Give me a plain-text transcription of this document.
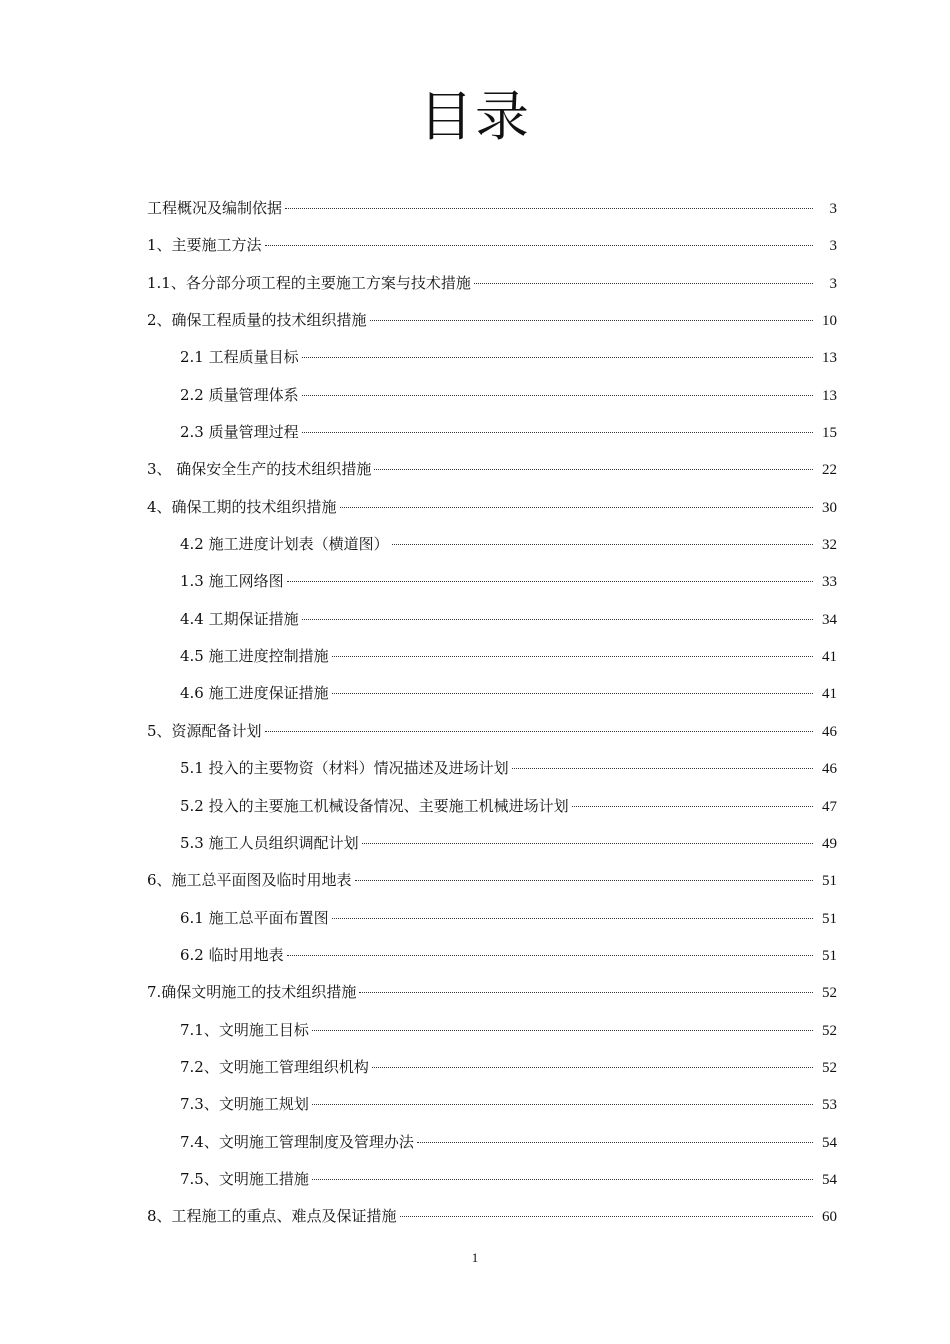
目录
工程概况及编制依据	3
1、主要施工方法	3
1.1、各分部分项工程的主要施工方案与技术措施	3
2、确保工程质量的技术组织措施	10
2.1 工程质量目标	13
2.2 质量管理体系	13
2.3 质量管理过程	15
3、 确保安全生产的技术组织措施	22
4、确保工期的技术组织措施	30
4.2 施工进度计划表（横道图）	32
1.3 施工网络图	33
4.4 工期保证措施	34
4.5 施工进度控制措施	41
4.6 施工进度保证措施	41
5、资源配备计划	46
5.1 投入的主要物资（材料）情况描述及进场计划	46
5.2 投入的主要施工机械设备情况、主要施工机械进场计划	47
5.3 施工人员组织调配计划	49
6、施工总平面图及临时用地表	51
6.1 施工总平面布置图	51
6.2 临时用地表	51
7.确保文明施工的技术组织措施	52
7.1、文明施工目标	52
7.2、文明施工管理组织机构	52
7.3、文明施工规划	53
7.4、文明施工管理制度及管理办法	54
7.5、文明施工措施	54
8、工程施工的重点、难点及保证措施	60
1
